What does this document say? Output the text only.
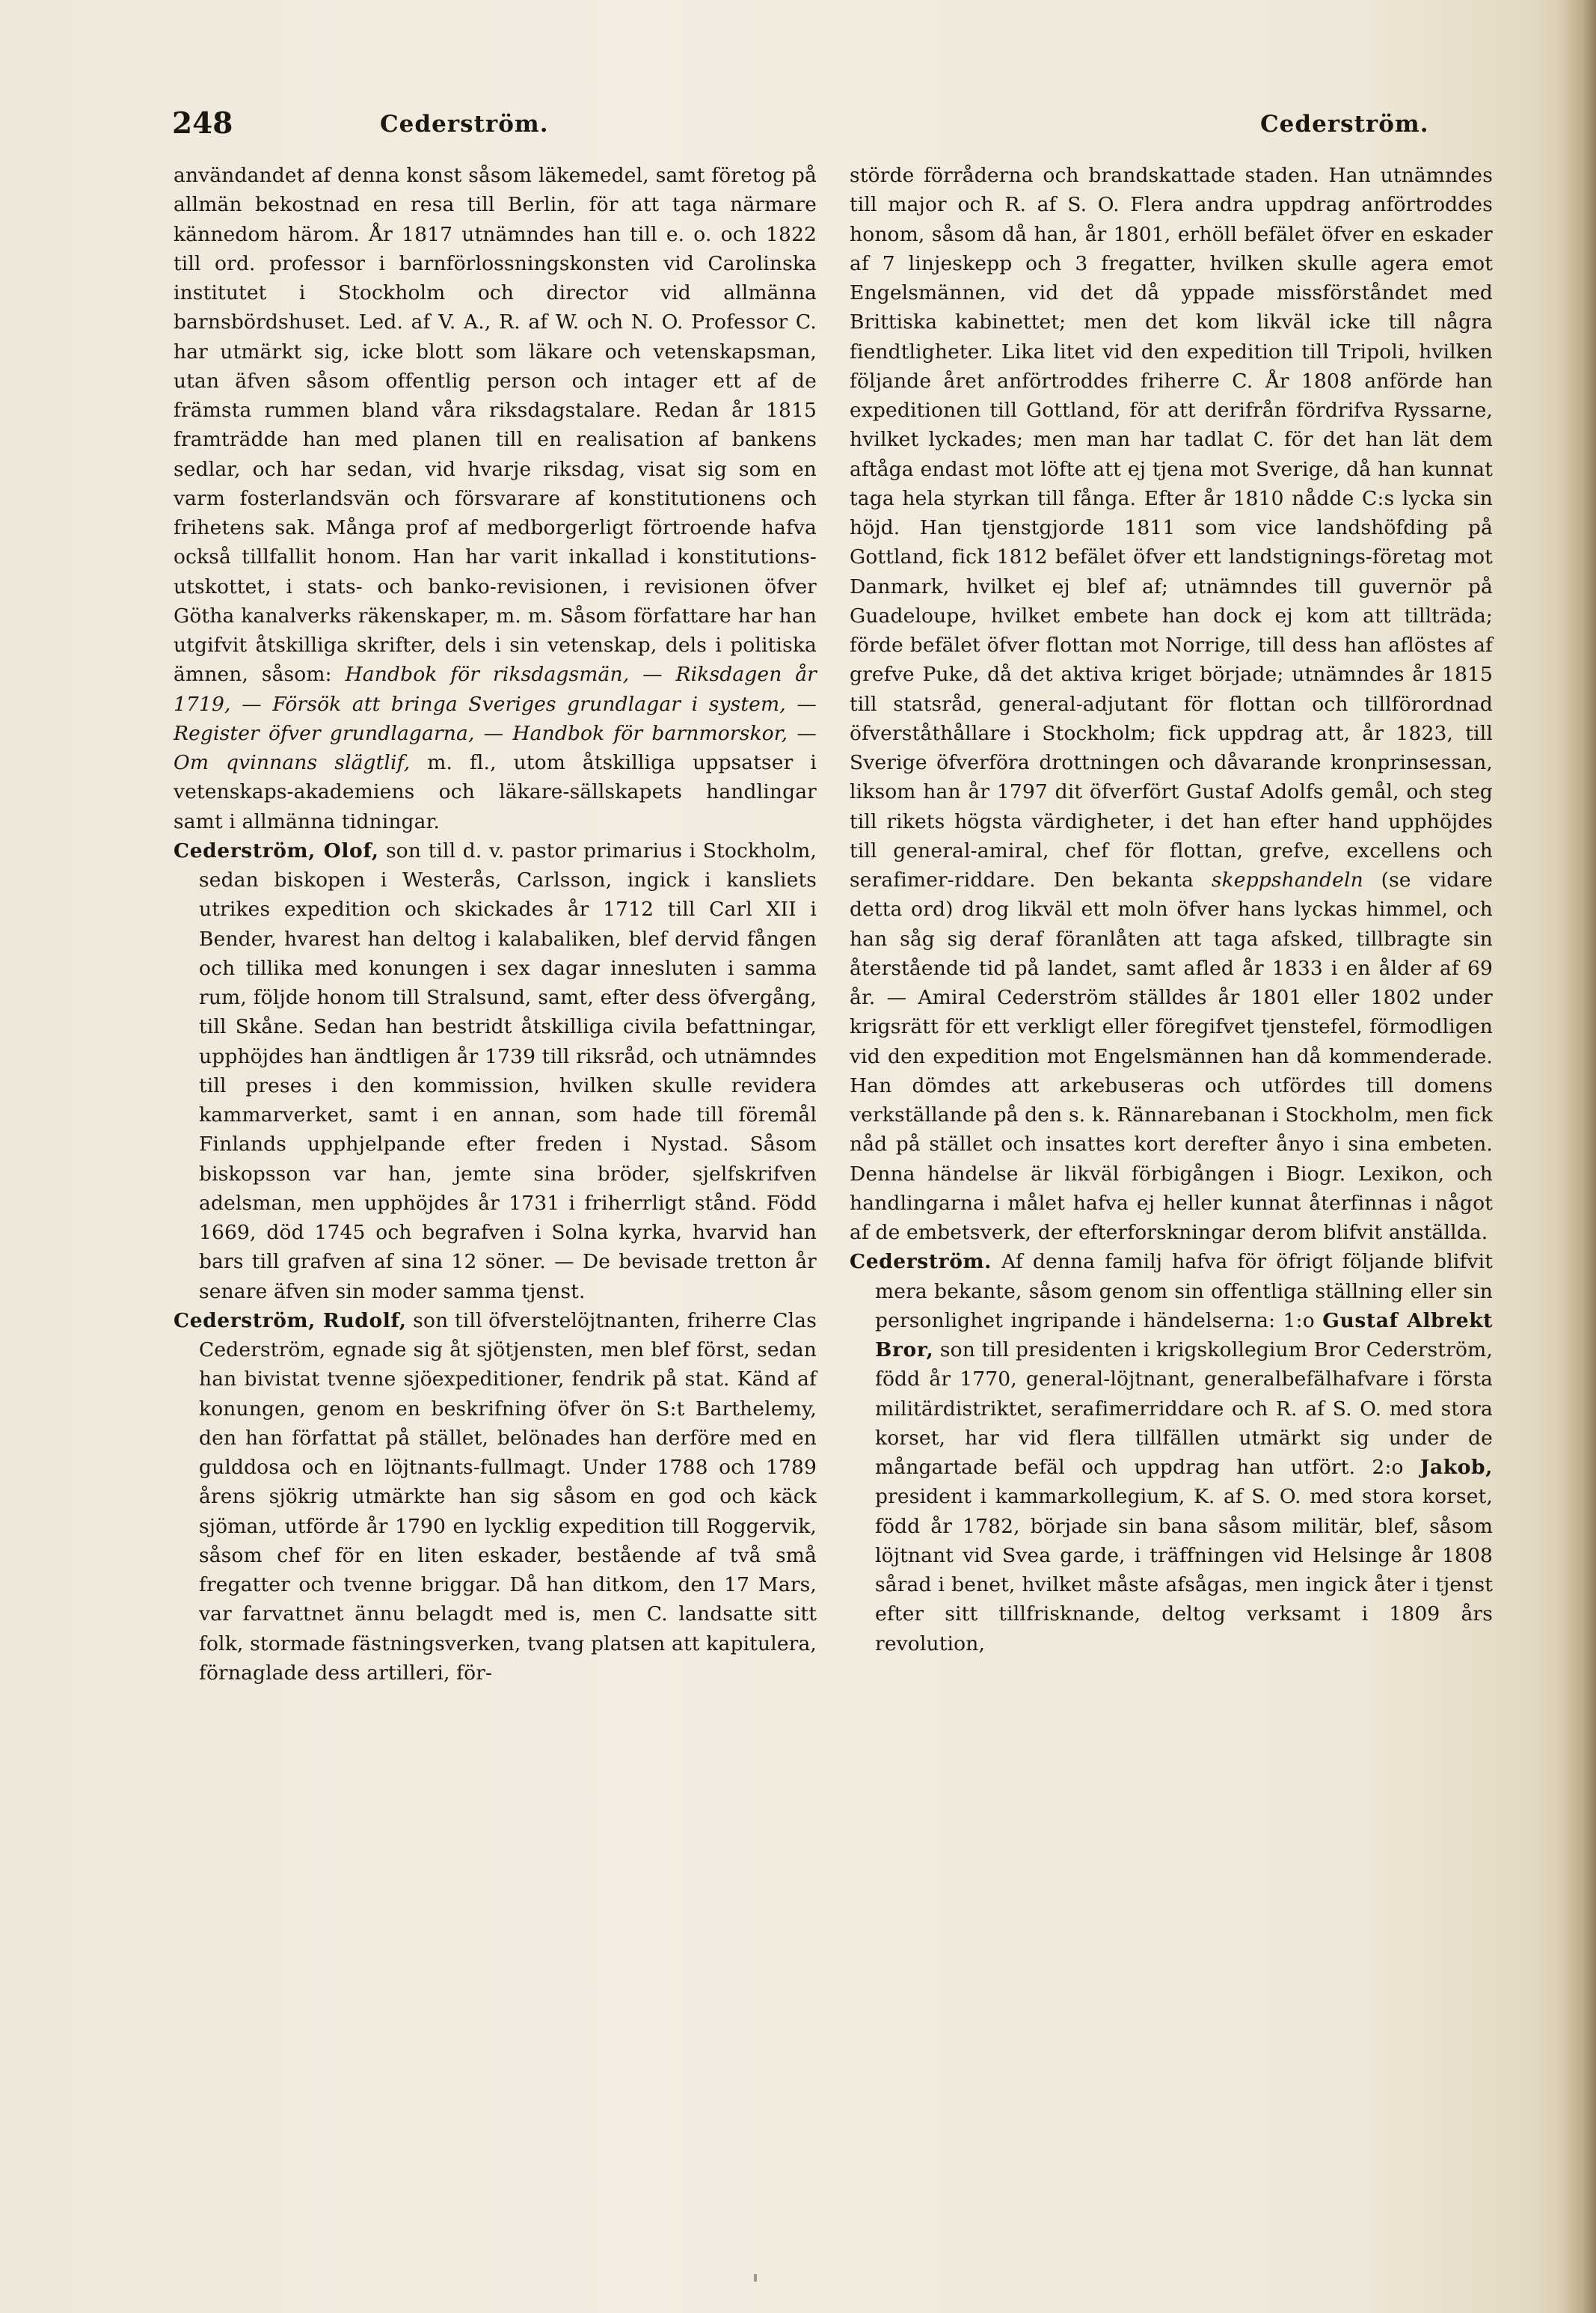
248	Cederström.	Cederström.

användandet af denna konst såsom läkemedel, samt företog på allmän bekostnad en resa till Berlin, för att taga närmare kännedom härom. År 1817 utnämndes han till e. o. och 1822 till ord. professor i barnförlossningskonsten vid Carolinska institutet i Stockholm och director vid allmänna barnsbördshuset. Led. af V. A., R. af W. och N. O. Professor C. har utmärkt sig, icke blott som läkare och vetenskapsman, utan äfven såsom offentlig person och intager ett af de främsta rummen bland våra riksdagstalare. Redan år 1815 framträdde han med planen till en realisation af bankens sedlar, och har sedan, vid hvarje riksdag, visat sig som en varm fosterlandsvän och försvarare af konstitutionens och frihetens sak. Många prof af medborgerligt förtroende hafva också tillfallit honom. Han har varit inkallad i konstitutions-utskottet, i stats- och banko-revisionen, i revisionen öfver Götha kanalverks räkenskaper, m. m. Såsom författare har han utgifvit åtskilliga skrifter, dels i sin vetenskap, dels i politiska ämnen, såsom: Handbok för riksdagsmän, — Riksdagen år 1719, — Försök att bringa Sveriges grundlagar i system, — Register öfver grundlagarna, — Handbok för barnmorskor, — Om qvinnans slägtlif, m. fl., utom åtskilliga uppsatser i vetenskaps-akademiens och läkare-sällskapets handlingar samt i allmänna tidningar.

Cederström, Olof, son till d. v. pastor primarius i Stockholm, sedan biskopen i Westerås, Carlsson, ingick i kansliets utrikes expedition och skickades år 1712 till Carl XII i Bender, hvarest han deltog i kalabaliken, blef dervid fången och tillika med konungen i sex dagar innesluten i samma rum, följde honom till Stralsund, samt, efter dess öfvergång, till Skåne. Sedan han bestridt åtskilliga civila befattningar, upphöjdes han ändtligen år 1739 till riksråd, och utnämndes till preses i den kommission, hvilken skulle revidera kammarverket, samt i en annan, som hade till föremål Finlands upphjelpande efter freden i Nystad. Såsom biskopsson var han, jemte sina bröder, sjelfskrifven adelsman, men upphöjdes år 1731 i friherrligt stånd. Född 1669, död 1745 och begrafven i Solna kyrka, hvarvid han bars till grafven af sina 12 söner. — De bevisade tretton år senare äfven sin moder samma tjenst.

Cederström, Rudolf, son till öfverstelöjtnanten, friherre Clas Cederström, egnade sig åt sjötjensten, men blef först, sedan han bivistat tvenne sjöexpeditioner, fendrik på stat. Känd af konungen, genom en beskrifning öfver ön S:t Barthelemy, den han författat på stället, belönades han derföre med en gulddosa och en löjtnants-fullmagt. Under 1788 och 1789 årens sjökrig utmärkte han sig såsom en god och käck sjöman, utförde år 1790 en lycklig expedition till Roggervik, såsom chef för en liten eskader, bestående af två små fregatter och tvenne briggar. Då han ditkom, den 17 Mars, var farvattnet ännu belagdt med is, men C. landsatte sitt folk, stormade fästningsverken, tvang platsen att kapitulera, förnaglade dess artilleri, för-

störde förråderna och brandskattade staden. Han utnämndes till major och R. af S. O. Flera andra uppdrag anförtroddes honom, såsom då han, år 1801, erhöll befälet öfver en eskader af 7 linjeskepp och 3 fregatter, hvilken skulle agera emot Engelsmännen, vid det då yppade missförståndet med Brittiska kabinettet; men det kom likväl icke till några fiendtligheter. Lika litet vid den expedition till Tripoli, hvilken följande året anförtroddes friherre C. År 1808 anförde han expeditionen till Gottland, för att derifrån fördrifva Ryssarne, hvilket lyckades; men man har tadlat C. för det han lät dem aftåga endast mot löfte att ej tjena mot Sverige, då han kunnat taga hela styrkan till fånga. Efter år 1810 nådde C:s lycka sin höjd. Han tjenstgjorde 1811 som vice landshöfding på Gottland, fick 1812 befälet öfver ett landstignings-företag mot Danmark, hvilket ej blef af; utnämndes till guvernör på Guadeloupe, hvilket embete han dock ej kom att tillträda; förde befälet öfver flottan mot Norrige, till dess han aflöstes af grefve Puke, då det aktiva kriget började; utnämndes år 1815 till statsråd, general-adjutant för flottan och tillförordnad öfverståthållare i Stockholm; fick uppdrag att, år 1823, till Sverige öfverföra drottningen och dåvarande kronprinsessan, liksom han år 1797 dit öfverfört Gustaf Adolfs gemål, och steg till rikets högsta värdigheter, i det han efter hand upphöjdes till general-amiral, chef för flottan, grefve, excellens och serafimer-riddare. Den bekanta skeppshandeln (se vidare detta ord) drog likväl ett moln öfver hans lyckas himmel, och han såg sig deraf föranlåten att taga afsked, tillbragte sin återstående tid på landet, samt afled år 1833 i en ålder af 69 år. — Amiral Cederström ställdes år 1801 eller 1802 under krigsrätt för ett verkligt eller föregifvet tjenstefel, förmodligen vid den expedition mot Engelsmännen han då kommenderade. Han dömdes att arkebuseras och utfördes till domens verkställande på den s. k. Rännarebanan i Stockholm, men fick nåd på stället och insattes kort derefter ånyo i sina embeten. Denna händelse är likväl förbigången i Biogr. Lexikon, och handlingarna i målet hafva ej heller kunnat återfinnas i något af de embetsverk, der efterforskningar derom blifvit anställda.

Cederström. Af denna familj hafva för öfrigt följande blifvit mera bekante, såsom genom sin offentliga ställning eller sin personlighet ingripande i händelserna: 1:o Gustaf Albrekt Bror, son till presidenten i krigskollegium Bror Cederström, född år 1770, general-löjtnant, generalbefälhafvare i första militärdistriktet, serafimerriddare och R. af S. O. med stora korset, har vid flera tillfällen utmärkt sig under de mångartade befäl och uppdrag han utfört. 2:o Jakob, president i kammarkollegium, K. af S. O. med stora korset, född år 1782, började sin bana såsom militär, blef, såsom löjtnant vid Svea garde, i träffningen vid Helsinge år 1808 sårad i benet, hvilket måste afsågas, men ingick åter i tjenst efter sitt tillfrisknande, deltog verksamt i 1809 års revolution,
